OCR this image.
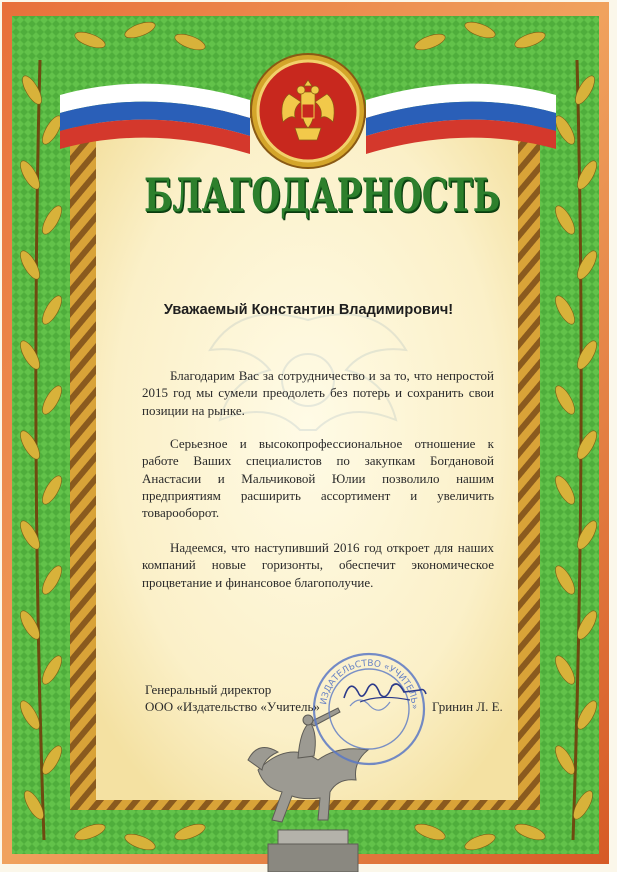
БЛАГОДАРНОСТЬ
Уважаемый Константин Владимирович!

Благодарим Вас за сотрудничество и за то, что непростой 2015 год мы сумели преодолеть без потерь и сохранить свои позиции на рынке.

Серьезное и высокопрофессиональное отношение к работе Ваших специалистов по закупкам Богдановой Анастасии и Мальчиковой Юлии позволило нашим предприятиям расширить ассортимент и увеличить товарооборот.

Надеемся, что наступивший 2016 год откроет для наших компаний новые горизонты, обеспечит экономическое процветание и финансовое благополучие.

ИЗДАТЕЛЬСТВО «УЧИТЕЛЬ»
Генеральный директор
ООО «Издательство «Учитель»	Гринин Л. Е.
